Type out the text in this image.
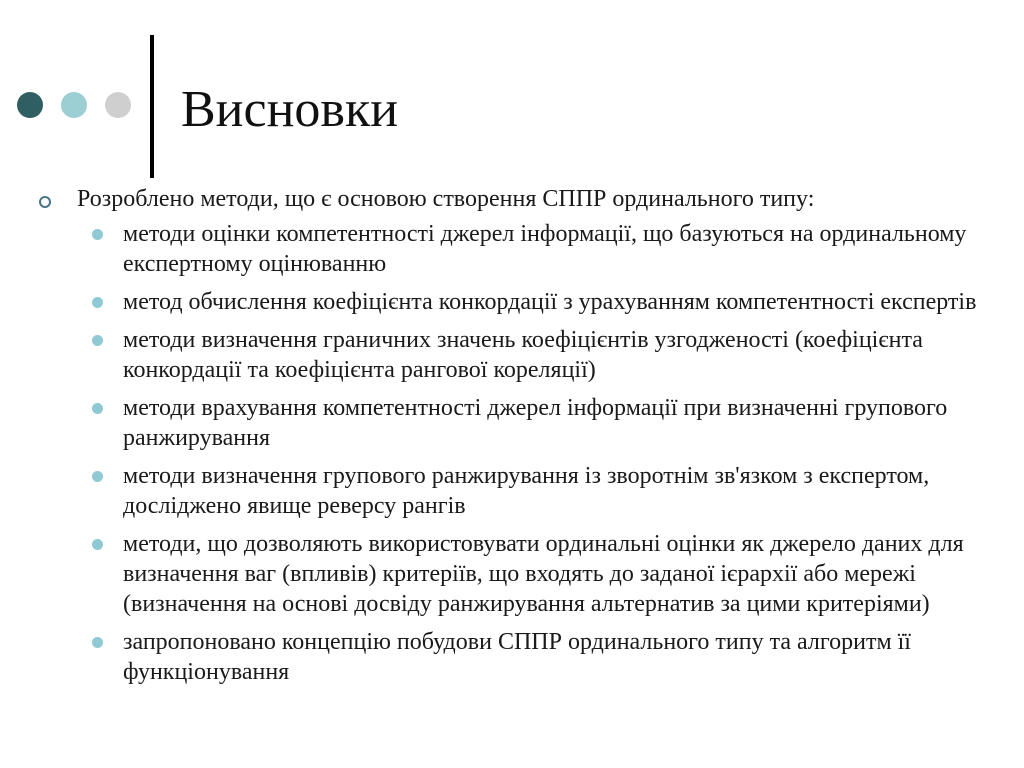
Висновки
Розроблено методи, що є основою створення СППР ординального типу:
методи оцінки компетентності джерел інформації, що базуються на ординальному експертному оцінюванню
метод обчислення коефіцієнта конкордації з урахуванням компетентності експертів
методи визначення граничних значень коефіцієнтів узгодженості (коефіцієнта конкордації та коефіцієнта рангової кореляції)
методи врахування компетентності джерел інформації при визначенні групового ранжирування
методи визначення групового ранжирування із зворотнім зв'язком з експертом, досліджено явище реверсу рангів
методи, що дозволяють використовувати ординальні оцінки як джерело даних для визначення ваг (впливів) критеріїв, що входять до заданої ієрархії або мережі (визначення на основі досвіду ранжирування альтернатив за цими критеріями)
запропоновано концепцію побудови СППР ординального типу та алгоритм її функціонування
